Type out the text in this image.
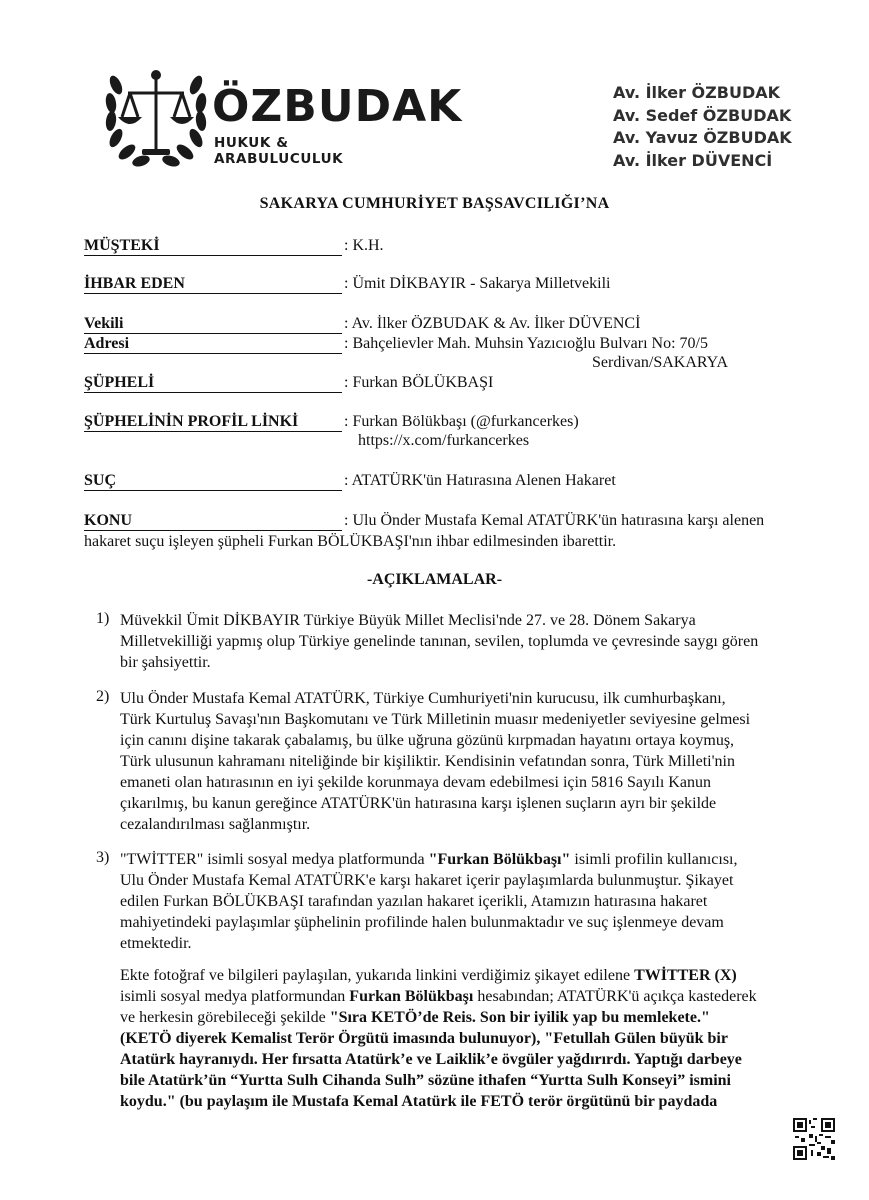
ÖZBUDAK
HUKUK & ARABULUCULUK
Av. İlker ÖZBUDAK
Av. Sedef ÖZBUDAK
Av. Yavuz ÖZBUDAK
Av. İlker DÜVENCİ
SAKARYA CUMHURİYET BAŞSAVCILIĞI’NA
MÜŞTEKİ	: K.H.
İHBAR EDEN	: Ümit DİKBAYIR - Sakarya Milletvekili
Vekili	: Av. İlker ÖZBUDAK & Av. İlker DÜVENCİ
Adresi	: Bahçelievler Mah. Muhsin Yazıcıoğlu Bulvarı No: 70/5
Serdivan/SAKARYA
ŞÜPHELİ	: Furkan BÖLÜKBAŞI
ŞÜPHELİNİN PROFİL LİNKİ	: Furkan Bölükbaşı (@furkancerkes)
https://x.com/furkancerkes
SUÇ	: ATATÜRK'ün Hatırasına Alenen Hakaret
KONU	: Ulu Önder Mustafa Kemal ATATÜRK'ün hatırasına karşı alenen
hakaret suçu işleyen şüpheli Furkan BÖLÜKBAŞI'nın ihbar edilmesinden ibarettir.
-AÇIKLAMALAR-
1) Müvekkil Ümit DİKBAYIR Türkiye Büyük Millet Meclisi'nde 27. ve 28. Dönem Sakarya
Milletvekilliği yapmış olup Türkiye genelinde tanınan, sevilen, toplumda ve çevresinde saygı gören
bir şahsiyettir.
2) Ulu Önder Mustafa Kemal ATATÜRK, Türkiye Cumhuriyeti'nin kurucusu, ilk cumhurbaşkanı,
Türk Kurtuluş Savaşı'nın Başkomutanı ve Türk Milletinin muasır medeniyetler seviyesine gelmesi
için canını dişine takarak çabalamış, bu ülke uğruna gözünü kırpmadan hayatını ortaya koymuş,
Türk ulusunun kahramanı niteliğinde bir kişiliktir. Kendisinin vefatından sonra, Türk Milleti'nin
emaneti olan hatırasının en iyi şekilde korunmaya devam edebilmesi için 5816 Sayılı Kanun
çıkarılmış, bu kanun gereğince ATATÜRK'ün hatırasına karşı işlenen suçların ayrı bir şekilde
cezalandırılması sağlanmıştır.
3) "TWİTTER" isimli sosyal medya platformunda "Furkan Bölükbaşı" isimli profilin kullanıcısı,
Ulu Önder Mustafa Kemal ATATÜRK'e karşı hakaret içerir paylaşımlarda bulunmuştur. Şikayet
edilen Furkan BÖLÜKBAŞI tarafından yazılan hakaret içerikli, Atamızın hatırasına hakaret
mahiyetindeki paylaşımlar şüphelinin profilinde halen bulunmaktadır ve suç işlenmeye devam
etmektedir.
Ekte fotoğraf ve bilgileri paylaşılan, yukarıda linkini verdiğimiz şikayet edilene TWİTTER (X)
isimli sosyal medya platformundan Furkan Bölükbaşı hesabından; ATATÜRK'ü açıkça kastederek
ve herkesin görebileceği şekilde "Sıra KETÖ’de Reis. Son bir iyilik yap bu memlekete."
(KETÖ diyerek Kemalist Terör Örgütü imasında bulunuyor), "Fetullah Gülen büyük bir
Atatürk hayranıydı. Her fırsatta Atatürk’e ve Laiklik’e övgüler yağdırırdı. Yaptığı darbeye
bile Atatürk’ün “Yurtta Sulh Cihanda Sulh” sözüne ithafen “Yurtta Sulh Konseyi” ismini
koydu." (bu paylaşım ile Mustafa Kemal Atatürk ile FETÖ terör örgütünü bir paydada
